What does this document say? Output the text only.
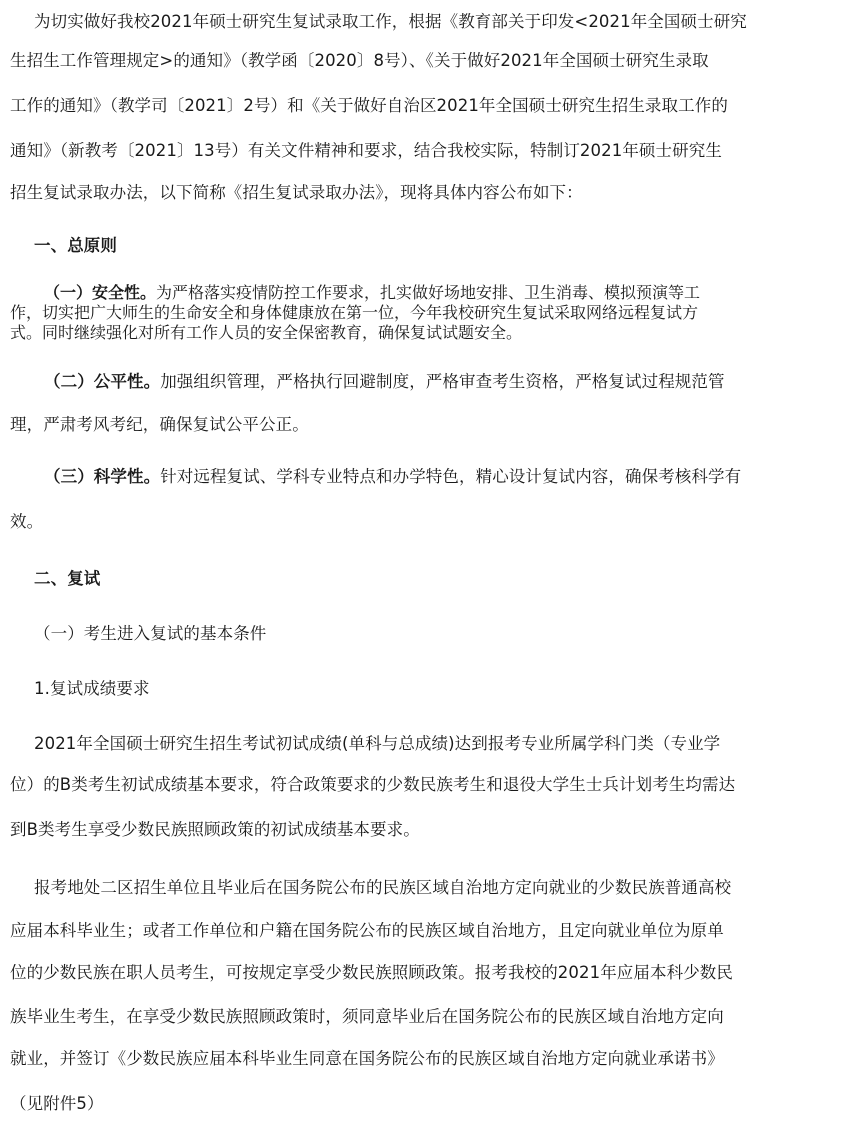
为切实做好我校2021年硕士研究生复试录取工作，根据《教育部关于印发<2021年全国硕士研究
生招生工作管理规定>的通知》（教学函〔2020〕8号）、《关于做好2021年全国硕士研究生录取
工作的通知》（教学司〔2021〕2号）和《关于做好自治区2021年全国硕士研究生招生录取工作的
通知》（新教考〔2021〕13号）有关文件精神和要求，结合我校实际，特制订2021年硕士研究生
招生复试录取办法，以下简称《招生复试录取办法》，现将具体内容公布如下：
一、总原则
（一）安全性。为严格落实疫情防控工作要求，扎实做好场地安排、卫生消毒、模拟预演等工
作，切实把广大师生的生命安全和身体健康放在第一位，今年我校研究生复试采取网络远程复试方
式。同时继续强化对所有工作人员的安全保密教育，确保复试试题安全。
（二）公平性。加强组织管理，严格执行回避制度，严格审查考生资格，严格复试过程规范管
理，严肃考风考纪，确保复试公平公正。
（三）科学性。针对远程复试、学科专业特点和办学特色，精心设计复试内容，确保考核科学有
效。
二、复试
（一）考生进入复试的基本条件
1.复试成绩要求
2021年全国硕士研究生招生考试初试成绩(单科与总成绩)达到报考专业所属学科门类（专业学
位）的B类考生初试成绩基本要求，符合政策要求的少数民族考生和退役大学生士兵计划考生均需达
到B类考生享受少数民族照顾政策的初试成绩基本要求。
报考地处二区招生单位且毕业后在国务院公布的民族区域自治地方定向就业的少数民族普通高校
应届本科毕业生；或者工作单位和户籍在国务院公布的民族区域自治地方，且定向就业单位为原单
位的少数民族在职人员考生，可按规定享受少数民族照顾政策。报考我校的2021年应届本科少数民
族毕业生考生，在享受少数民族照顾政策时，须同意毕业后在国务院公布的民族区域自治地方定向
就业，并签订《少数民族应届本科毕业生同意在国务院公布的民族区域自治地方定向就业承诺书》
（见附件5）
